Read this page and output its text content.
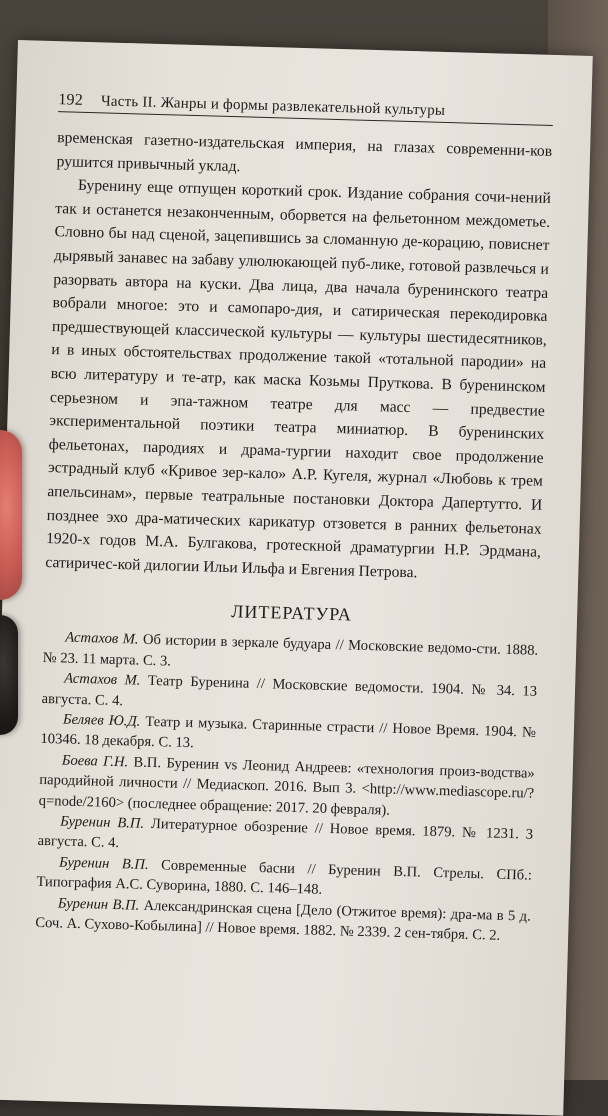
192 Часть II. Жанры и формы развлекательной культуры

временская газетно-издательская империя, на глазах современни-ков рушится привычный уклад.

Буренину еще отпущен короткий срок. Издание собрания сочи-нений так и останется незаконченным, оборвется на фельетонном междометье. Словно бы над сценой, зацепившись за сломанную де-корацию, повиснет дырявый занавес на забаву улюлюкающей пуб-лике, готовой развлечься и разорвать автора на куски. Два лица, два начала буренинского театра вобрали многое: это и самопаро-дия, и сатирическая перекодировка предшествующей классической культуры — культуры шестидесятников, и в иных обстоятельствах продолжение такой «тотальной пародии» на всю литературу и те-атр, как маска Козьмы Пруткова. В буренинском серьезном и эпа-тажном театре для масс — предвестие экспериментальной поэтики театра миниатюр. В буренинских фельетонах, пародиях и драма-тургии находит свое продолжение эстрадный клуб «Кривое зер-кало» А.Р. Кугеля, журнал «Любовь к трем апельсинам», первые театральные постановки Доктора Дапертутто. И позднее эхо дра-матических карикатур отзовется в ранних фельетонах 1920-х годов М.А. Булгакова, гротескной драматургии Н.Р. Эрдмана, сатиричес-кой дилогии Ильи Ильфа и Евгения Петрова.

ЛИТЕРАТУРА

Астахов М. Об истории в зеркале будуара // Московские ведомо-сти. 1888. № 23. 11 марта. С. 3.

Астахов М. Театр Буренина // Московские ведомости. 1904. № 34. 13 августа. С. 4.

Беляев Ю.Д. Театр и музыка. Старинные страсти // Новое Время. 1904. № 10346. 18 декабря. С. 13.

Боева Г.Н. В.П. Буренин vs Леонид Андреев: «технология произ-водства» пародийной личности // Медиаскоп. 2016. Вып 3. <http://www.mediascope.ru/?q=node/2160> (последнее обращение: 2017. 20 февраля).

Буренин В.П. Литературное обозрение // Новое время. 1879. № 1231. 3 августа. С. 4.

Буренин В.П. Современные басни // Буренин В.П. Стрелы. СПб.: Типография А.С. Суворина, 1880. С. 146–148.

Буренин В.П. Александринская сцена [Дело (Отжитое время): дра-ма в 5 д. Соч. А. Сухово-Кобылина] // Новое время. 1882. № 2339. 2 сен-тября. С. 2.
